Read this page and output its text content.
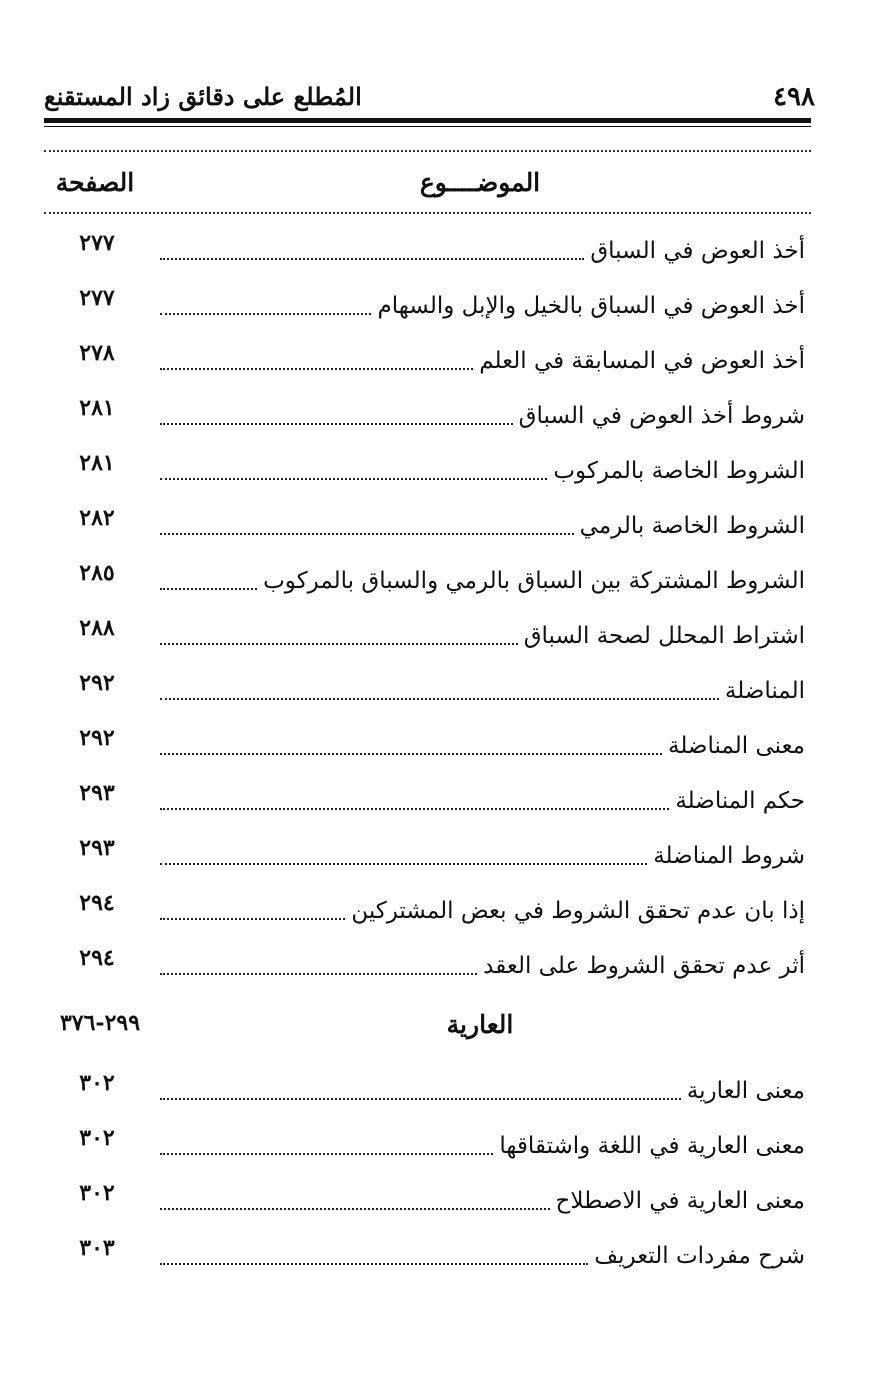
٤٩٨
المُطلع على دقائق زاد المستقنع
الموضــــوع
الصفحة
أخذ العوض في السباق
٢٧٧
أخذ العوض في السباق بالخيل والإبل والسهام
٢٧٧
أخذ العوض في المسابقة في العلم
٢٧٨
شروط أخذ العوض في السباق
٢٨١
الشروط الخاصة بالمركوب
٢٨١
الشروط الخاصة بالرمي
٢٨٢
الشروط المشتركة بين السباق بالرمي والسباق بالمركوب
٢٨٥
اشتراط المحلل لصحة السباق
٢٨٨
المناضلة
٢٩٢
معنى المناضلة
٢٩٢
حكم المناضلة
٢٩٣
شروط المناضلة
٢٩٣
إذا بان عدم تحقق الشروط في بعض المشتركين
٢٩٤
أثر عدم تحقق الشروط على العقد
٢٩٤
العارية
٢٩٩-٣٧٦
معنى العارية
٣٠٢
معنى العارية في اللغة واشتقاقها
٣٠٢
معنى العارية في الاصطلاح
٣٠٢
شرح مفردات التعريف
٣٠٣
